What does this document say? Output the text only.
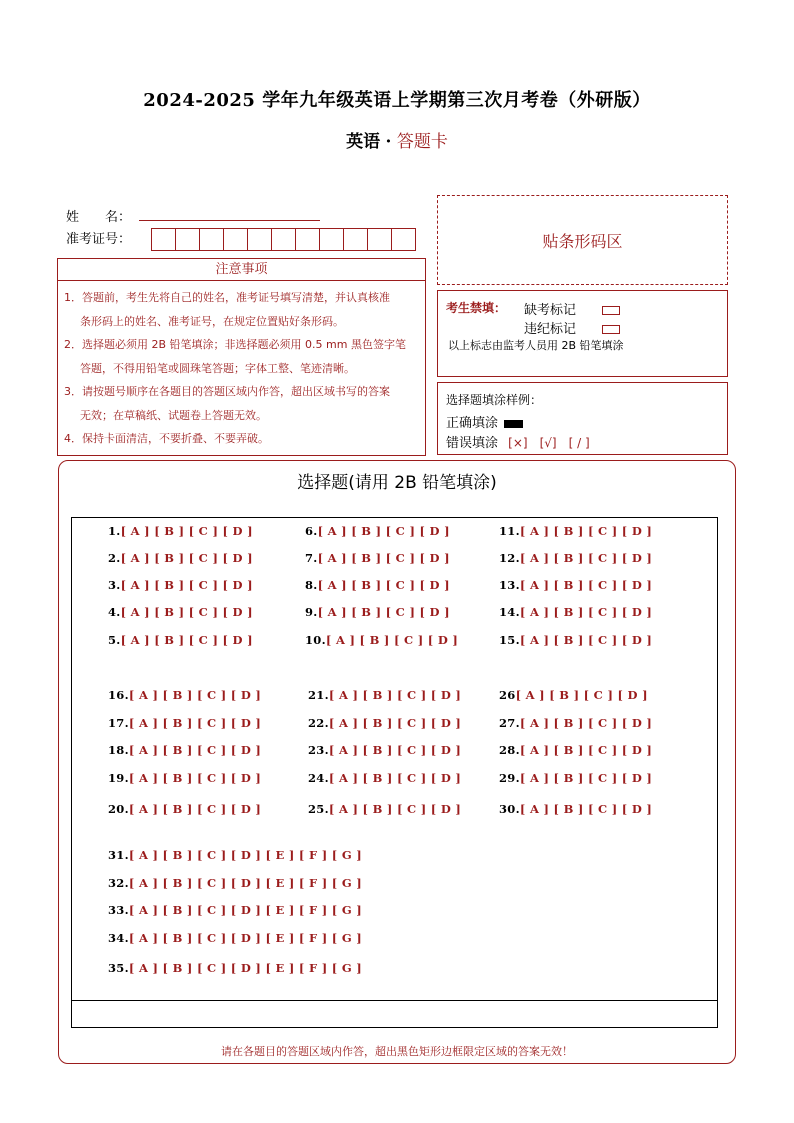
2024-2025 学年九年级英语上学期第三次月考卷（外研版）
英语 · 答题卡
姓　　名：
准考证号：	贴条形码区
注意事项

1．答题前，考生先将自己的姓名，准考证号填写清楚，并认真核准

条形码上的姓名、准考证号，在规定位置贴好条形码。

2．选择题必须用 2B 铅笔填涂；非选择题必须用 0.5 mm 黑色签字笔

答题，不得用铅笔或圆珠笔答题；字体工整、笔迹清晰。

3．请按题号顺序在各题目的答题区域内作答，超出区域书写的答案

无效；在草稿纸、试题卷上答题无效。

4．保持卡面清洁，不要折叠、不要弄破。

考生禁填： 缺考标记
违纪标记
以上标志由监考人员用 2B 铅笔填涂
选择题填涂样例：
正确填涂
错误填涂 [×]　[√]　[ / ]
选择题(请用 2B 铅笔填涂)
1.[ A ] [ B ] [ C ] [ D ]
2.[ A ] [ B ] [ C ] [ D ]
3.[ A ] [ B ] [ C ] [ D ]
4.[ A ] [ B ] [ C ] [ D ]
5.[ A ] [ B ] [ C ] [ D ]
6.[ A ] [ B ] [ C ] [ D ]
7.[ A ] [ B ] [ C ] [ D ]
8.[ A ] [ B ] [ C ] [ D ]
9.[ A ] [ B ] [ C ] [ D ]
10.[ A ] [ B ] [ C ] [ D ]
11.[ A ] [ B ] [ C ] [ D ]
12.[ A ] [ B ] [ C ] [ D ]
13.[ A ] [ B ] [ C ] [ D ]
14.[ A ] [ B ] [ C ] [ D ]
15.[ A ] [ B ] [ C ] [ D ]
16.[ A ] [ B ] [ C ] [ D ]
17.[ A ] [ B ] [ C ] [ D ]
18.[ A ] [ B ] [ C ] [ D ]
19.[ A ] [ B ] [ C ] [ D ]
20.[ A ] [ B ] [ C ] [ D ]
21.[ A ] [ B ] [ C ] [ D ]
22.[ A ] [ B ] [ C ] [ D ]
23.[ A ] [ B ] [ C ] [ D ]
24.[ A ] [ B ] [ C ] [ D ]
25.[ A ] [ B ] [ C ] [ D ]
26[ A ] [ B ] [ C ] [ D ]
27.[ A ] [ B ] [ C ] [ D ]
28.[ A ] [ B ] [ C ] [ D ]
29.[ A ] [ B ] [ C ] [ D ]
30.[ A ] [ B ] [ C ] [ D ]
31.[ A ] [ B ] [ C ] [ D ] [ E ] [ F ] [ G ]
32.[ A ] [ B ] [ C ] [ D ] [ E ] [ F ] [ G ]
33.[ A ] [ B ] [ C ] [ D ] [ E ] [ F ] [ G ]
34.[ A ] [ B ] [ C ] [ D ] [ E ] [ F ] [ G ]
35.[ A ] [ B ] [ C ] [ D ] [ E ] [ F ] [ G ]
请在各题目的答题区域内作答，超出黑色矩形边框限定区域的答案无效！
